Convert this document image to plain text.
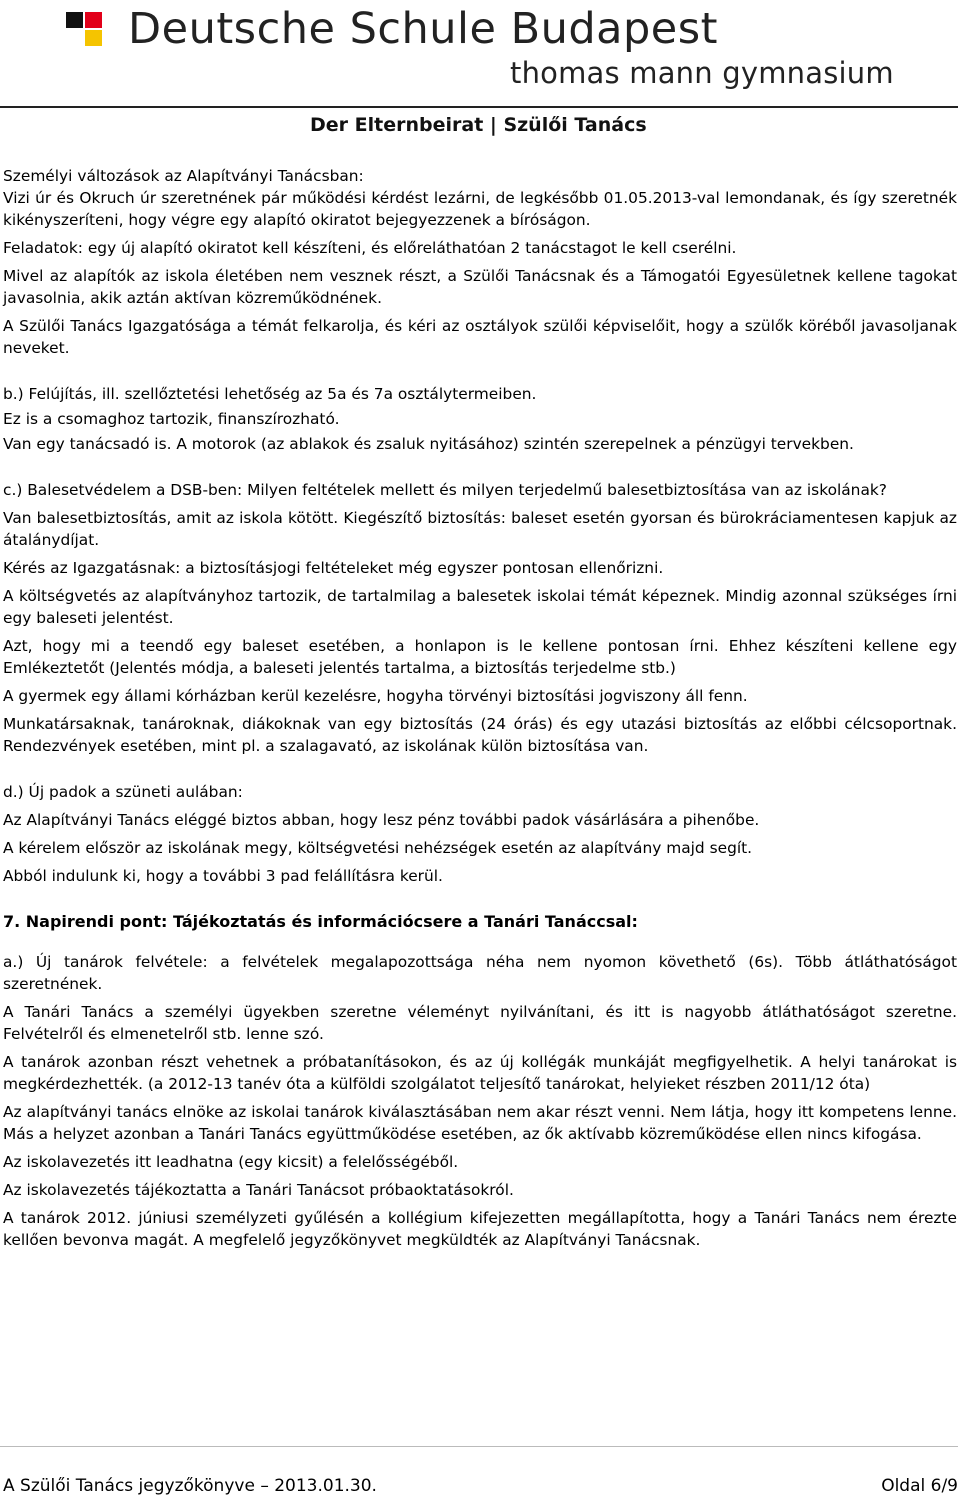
Deutsche Schule Budapest
thomas mann gymnasium
Der Elternbeirat | Szülői Tanács

Személyi változások az Alapítványi Tanácsban:

Vizi úr és Okruch úr szeretnének pár működési kérdést lezárni, de legkésőbb 01.05.2013-val lemondanak, és így szeretnék kikényszeríteni, hogy végre egy alapító okiratot bejegyezzenek a bíróságon.

Feladatok: egy új alapító okiratot kell készíteni, és előreláthatóan 2 tanácstagot le kell cserélni.

Mivel az alapítók az iskola életében nem vesznek részt, a Szülői Tanácsnak és a Támogatói Egyesületnek kellene tagokat javasolnia, akik aztán aktívan közreműködnének.

A Szülői Tanács Igazgatósága a témát felkarolja, és kéri az osztályok szülői képviselőit, hogy a szülők köréből javasoljanak neveket.

b.) Felújítás, ill. szellőztetési lehetőség az 5a és 7a osztálytermeiben.

Ez is a csomaghoz tartozik, finanszírozható.

Van egy tanácsadó is. A motorok (az ablakok és zsaluk nyitásához) szintén szerepelnek a pénzügyi tervekben.

c.) Balesetvédelem a DSB-ben: Milyen feltételek mellett és milyen terjedelmű balesetbiztosítása van az iskolának?

Van balesetbiztosítás, amit az iskola kötött. Kiegészítő biztosítás: baleset esetén gyorsan és bürokráciamentesen kapjuk az átalánydíjat.

Kérés az Igazgatásnak: a biztosításjogi feltételeket még egyszer pontosan ellenőrizni.

A költségvetés az alapítványhoz tartozik, de tartalmilag a balesetek iskolai témát képeznek. Mindig azonnal szükséges írni egy baleseti jelentést.

Azt, hogy mi a teendő egy baleset esetében, a honlapon is le kellene pontosan írni. Ehhez készíteni kellene egy Emlékeztetőt (Jelentés módja, a baleseti jelentés tartalma, a biztosítás terjedelme stb.)

A gyermek egy állami kórházban kerül kezelésre, hogyha törvényi biztosítási jogviszony áll fenn.

Munkatársaknak, tanároknak, diákoknak van egy biztosítás (24 órás) és egy utazási biztosítás az előbbi célcsoportnak. Rendezvények esetében, mint pl. a szalagavató, az iskolának külön biztosítása van.

d.) Új padok a szüneti aulában:

Az Alapítványi Tanács eléggé biztos abban, hogy lesz pénz további padok vásárlására a pihenőbe.

A kérelem először az iskolának megy, költségvetési nehézségek esetén az alapítvány majd segít.

Abból indulunk ki, hogy a további 3 pad felállításra kerül.

7. Napirendi pont: Tájékoztatás és információcsere a Tanári Tanáccsal:

a.) Új tanárok felvétele: a felvételek megalapozottsága néha nem nyomon követhető (6s). Több átláthatóságot szeretnének.

A Tanári Tanács a személyi ügyekben szeretne véleményt nyilvánítani, és itt is nagyobb átláthatóságot szeretne. Felvételről és elmenetelről stb. lenne szó.

A tanárok azonban részt vehetnek a próbatanításokon, és az új kollégák munkáját megfigyelhetik. A helyi tanárokat is megkérdezhették. (a 2012-13 tanév óta a külföldi szolgálatot teljesítő tanárokat, helyieket részben 2011/12 óta)

Az alapítványi tanács elnöke az iskolai tanárok kiválasztásában nem akar részt venni. Nem látja, hogy itt kompetens lenne. Más a helyzet azonban a Tanári Tanács együttműködése esetében, az ők aktívabb közreműködése ellen nincs kifogása.

Az iskolavezetés itt leadhatna (egy kicsit) a felelősségéből.

Az iskolavezetés tájékoztatta a Tanári Tanácsot próbaoktatásokról.

A tanárok 2012. júniusi személyzeti gyűlésén a kollégium kifejezetten megállapította, hogy a Tanári Tanács nem érezte kellően bevonva magát. A megfelelő jegyzőkönyvet megküldték az Alapítványi Tanácsnak.

A Szülői Tanács jegyzőkönyve – 2013.01.30.	Oldal 6/9
